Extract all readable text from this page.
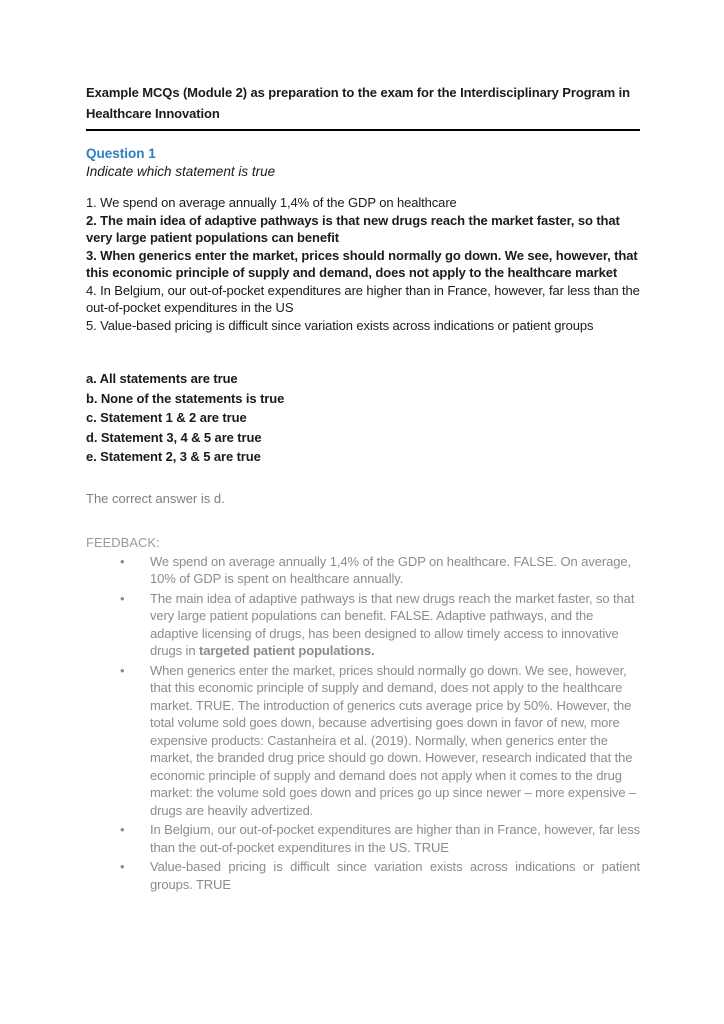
Example MCQs (Module 2) as preparation to the exam for the Interdisciplinary Program in Healthcare Innovation
Question 1
Indicate which statement is true

1. We spend on average annually 1,4% of the GDP on healthcare

2. The main idea of adaptive pathways is that new drugs reach the market faster, so that very large patient populations can benefit

3. When generics enter the market, prices should normally go down. We see, however, that this economic principle of supply and demand, does not apply to the healthcare market

4. In Belgium, our out-of-pocket expenditures are higher than in France, however, far less than the out-of-pocket expenditures in the US

5. Value-based pricing is difficult since variation exists across indications or patient groups

a. All statements are true

b. None of the statements is true

c. Statement 1 & 2 are true

d. Statement 3, 4 & 5 are true

e. Statement 2, 3 & 5 are true

The correct answer is d.

FEEDBACK:

• We spend on average annually 1,4% of the GDP on healthcare. FALSE. On average, 10% of GDP is spent on healthcare annually.
• The main idea of adaptive pathways is that new drugs reach the market faster, so that very large patient populations can benefit. FALSE. Adaptive pathways, and the adaptive licensing of drugs, has been designed to allow timely access to innovative drugs in targeted patient populations.
• When generics enter the market, prices should normally go down. We see, however, that this economic principle of supply and demand, does not apply to the healthcare market. TRUE. The introduction of generics cuts average price by 50%. However, the total volume sold goes down, because advertising goes down in favor of new, more expensive products: Castanheira et al. (2019). Normally, when generics enter the market, the branded drug price should go down. However, research indicated that the economic principle of supply and demand does not apply when it comes to the drug market: the volume sold goes down and prices go up since newer – more expensive – drugs are heavily advertized.
• In Belgium, our out-of-pocket expenditures are higher than in France, however, far less than the out-of-pocket expenditures in the US. TRUE
• Value-based pricing is difficult since variation exists across indications or patient groups. TRUE
